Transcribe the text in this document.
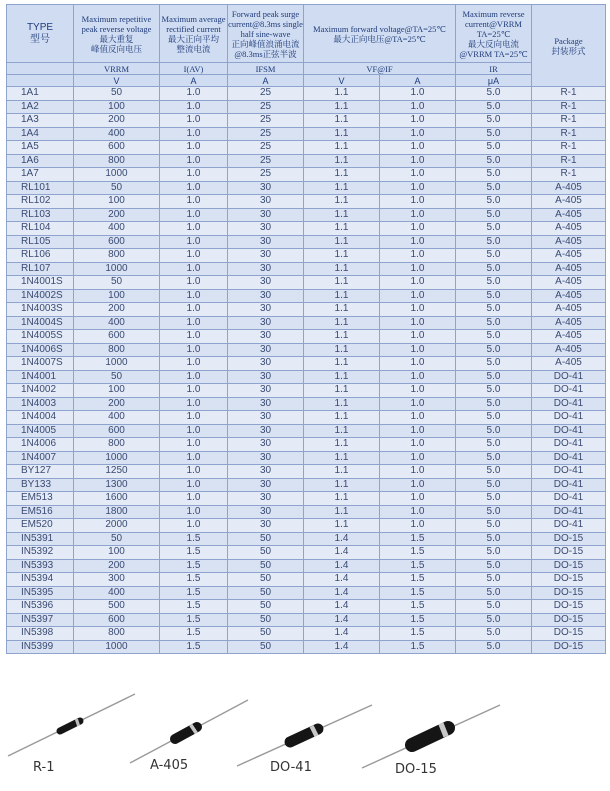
TYPE
型号	Maximum repetitive peak reverse voltage
最大重复
峰值反向电压	Maximum average rectified current
最大正向平均
整流电流	Forward peak surge current@8.3ms single half sine-wave
正向峰值浪涌电流
@8.3ms正弦半波	Maximum forward voltage@TA=25℃
最大正向电压@TA=25℃		Maximum reverse current@VRRM TA=25℃
最大反向电流
@VRRM TA=25℃	Package
封装形式
	VRRM	I(AV)	IFSM	VF@IF		IR	
	V	A	A	V	A	μA	
1A1	50	1.0	25	1.1	1.0	5.0	R-1
1A2	100	1.0	25	1.1	1.0	5.0	R-1
1A3	200	1.0	25	1.1	1.0	5.0	R-1
1A4	400	1.0	25	1.1	1.0	5.0	R-1
1A5	600	1.0	25	1.1	1.0	5.0	R-1
1A6	800	1.0	25	1.1	1.0	5.0	R-1
1A7	1000	1.0	25	1.1	1.0	5.0	R-1
RL101	50	1.0	30	1.1	1.0	5.0	A-405
RL102	100	1.0	30	1.1	1.0	5.0	A-405
RL103	200	1.0	30	1.1	1.0	5.0	A-405
RL104	400	1.0	30	1.1	1.0	5.0	A-405
RL105	600	1.0	30	1.1	1.0	5.0	A-405
RL106	800	1.0	30	1.1	1.0	5.0	A-405
RL107	1000	1.0	30	1.1	1.0	5.0	A-405
1N4001S	50	1.0	30	1.1	1.0	5.0	A-405
1N4002S	100	1.0	30	1.1	1.0	5.0	A-405
1N4003S	200	1.0	30	1.1	1.0	5.0	A-405
1N4004S	400	1.0	30	1.1	1.0	5.0	A-405
1N4005S	600	1.0	30	1.1	1.0	5.0	A-405
1N4006S	800	1.0	30	1.1	1.0	5.0	A-405
1N4007S	1000	1.0	30	1.1	1.0	5.0	A-405
1N4001	50	1.0	30	1.1	1.0	5.0	DO-41
1N4002	100	1.0	30	1.1	1.0	5.0	DO-41
1N4003	200	1.0	30	1.1	1.0	5.0	DO-41
1N4004	400	1.0	30	1.1	1.0	5.0	DO-41
1N4005	600	1.0	30	1.1	1.0	5.0	DO-41
1N4006	800	1.0	30	1.1	1.0	5.0	DO-41
1N4007	1000	1.0	30	1.1	1.0	5.0	DO-41
BY127	1250	1.0	30	1.1	1.0	5.0	DO-41
BY133	1300	1.0	30	1.1	1.0	5.0	DO-41
EM513	1600	1.0	30	1.1	1.0	5.0	DO-41
EM516	1800	1.0	30	1.1	1.0	5.0	DO-41
EM520	2000	1.0	30	1.1	1.0	5.0	DO-41
IN5391	50	1.5	50	1.4	1.5	5.0	DO-15
IN5392	100	1.5	50	1.4	1.5	5.0	DO-15
IN5393	200	1.5	50	1.4	1.5	5.0	DO-15
IN5394	300	1.5	50	1.4	1.5	5.0	DO-15
IN5395	400	1.5	50	1.4	1.5	5.0	DO-15
IN5396	500	1.5	50	1.4	1.5	5.0	DO-15
IN5397	600	1.5	50	1.4	1.5	5.0	DO-15
IN5398	800	1.5	50	1.4	1.5	5.0	DO-15
IN5399	1000	1.5	50	1.4	1.5	5.0	DO-15
R-1	A-405	DO-41	DO-15
